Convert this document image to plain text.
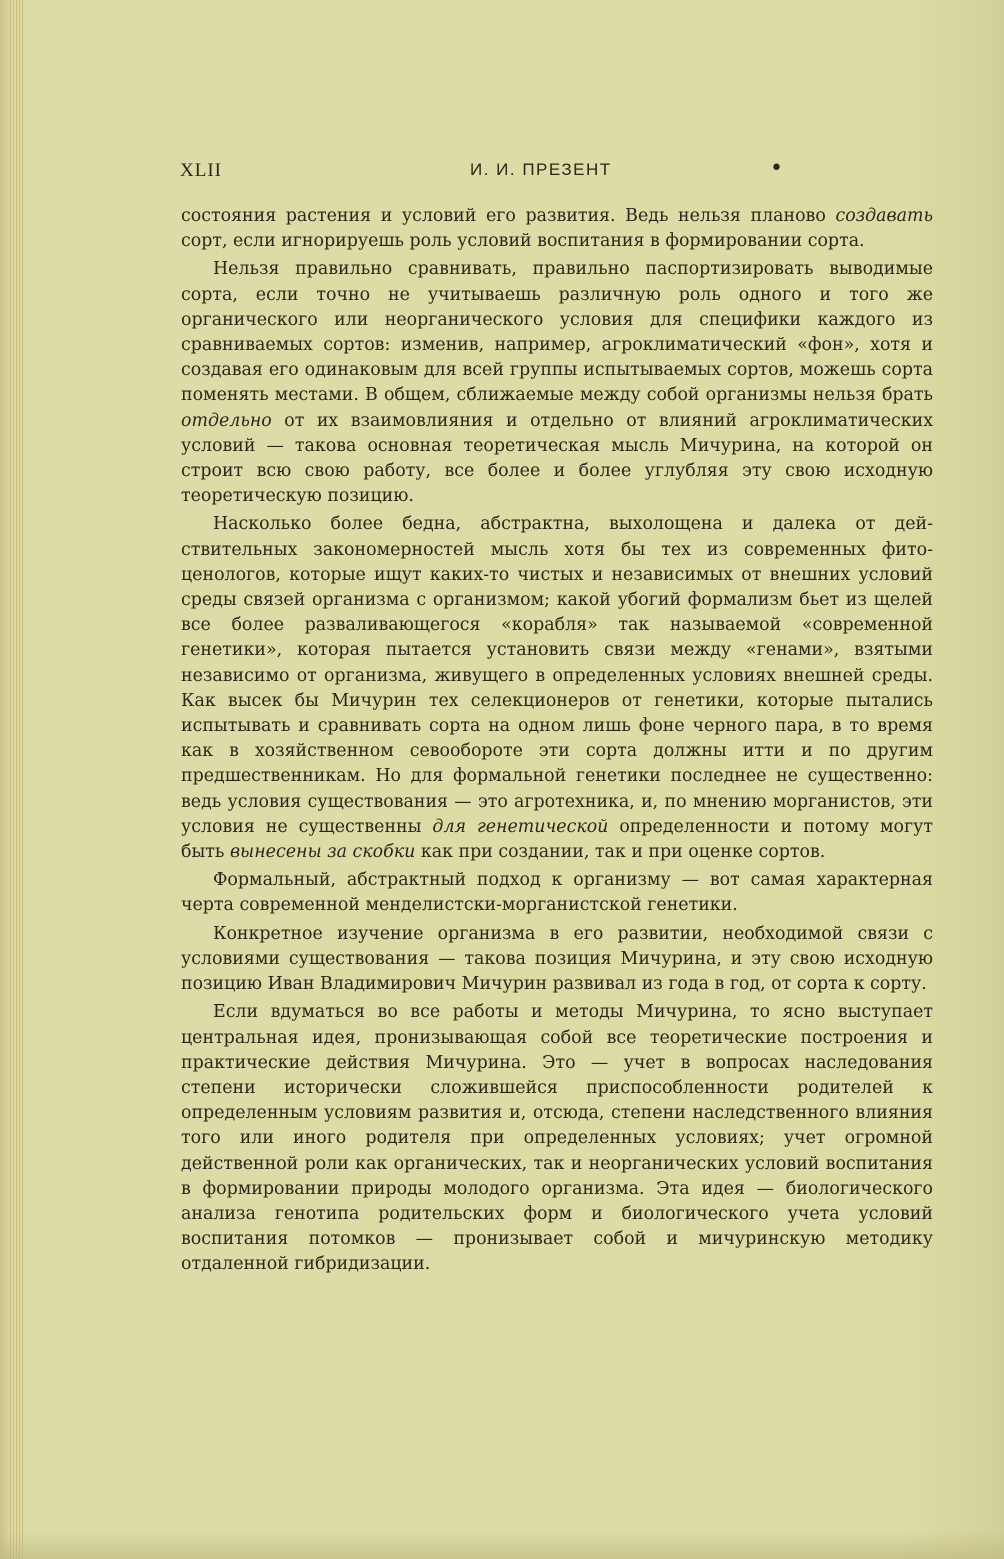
XLII	И. И. ПРЕЗЕНТ	•

состояния растения и условий его развития. Ведь нельзя планово создавать сорт, если игнорируешь роль условий воспитания в формировании сорта.

Нельзя правильно сравнивать, правильно паспортизировать выводимые сорта, если точно не учитываешь различную роль одного и того же органического или неорганического условия для специфики каждого из сравниваемых сортов: изменив, например, агроклиматический «фон», хотя и создавая его одинаковым для всей группы испытываемых сортов, можешь сорта поменять местами. В общем, сближаемые между собой организмы нельзя брать отдельно от их взаимовлияния и отдельно от влияний агроклиматических условий — такова основная теоретическая мысль Мичурина, на которой он строит всю свою работу, все более и более углубляя эту свою исходную теоретическую позицию.

Насколько более бедна, абстрактна, выхолощена и далека от действительных закономерностей мысль хотя бы тех из современных фитоценологов, которые ищут каких-то чистых и независимых от внешних условий среды связей организма с организмом; какой убогий формализм бьет из щелей все более разваливающегося «корабля» так называемой «современной генетики», которая пытается установить связи между «генами», взятыми независимо от организма, живущего в определенных условиях внешней среды. Как высек бы Мичурин тех селекционеров от генетики, которые пытались испытывать и сравнивать сорта на одном лишь фоне черного пара, в то время как в хозяйственном севообороте эти сорта должны итти и по другим предшественникам. Но для формальной генетики последнее не существенно: ведь условия существования — это агротехника, и, по мнению морганистов, эти условия не существенны для генетической определенности и потому могут быть вынесены за скобки как при создании, так и при оценке сортов.

Формальный, абстрактный подход к организму — вот самая характерная черта современной менделистски-морганистской генетики.

Конкретное изучение организма в его развитии, необходимой связи с условиями существования — такова позиция Мичурина, и эту свою исходную позицию Иван Владимирович Мичурин развивал из года в год, от сорта к сорту.

Если вдуматься во все работы и методы Мичурина, то ясно выступает центральная идея, пронизывающая собой все теоретические построения и практические действия Мичурина. Это — учет в вопросах наследования степени исторически сложившейся приспособленности родителей к определенным условиям развития и, отсюда, степени наследственного влияния того или иного родителя при определенных условиях; учет огромной действенной роли как органических, так и неорганических условий воспитания в формировании природы молодого организма. Эта идея — биологического анализа генотипа родительских форм и биологического учета условий воспитания потомков — пронизывает собой и мичуринскую методику отдаленной гибридизации.
